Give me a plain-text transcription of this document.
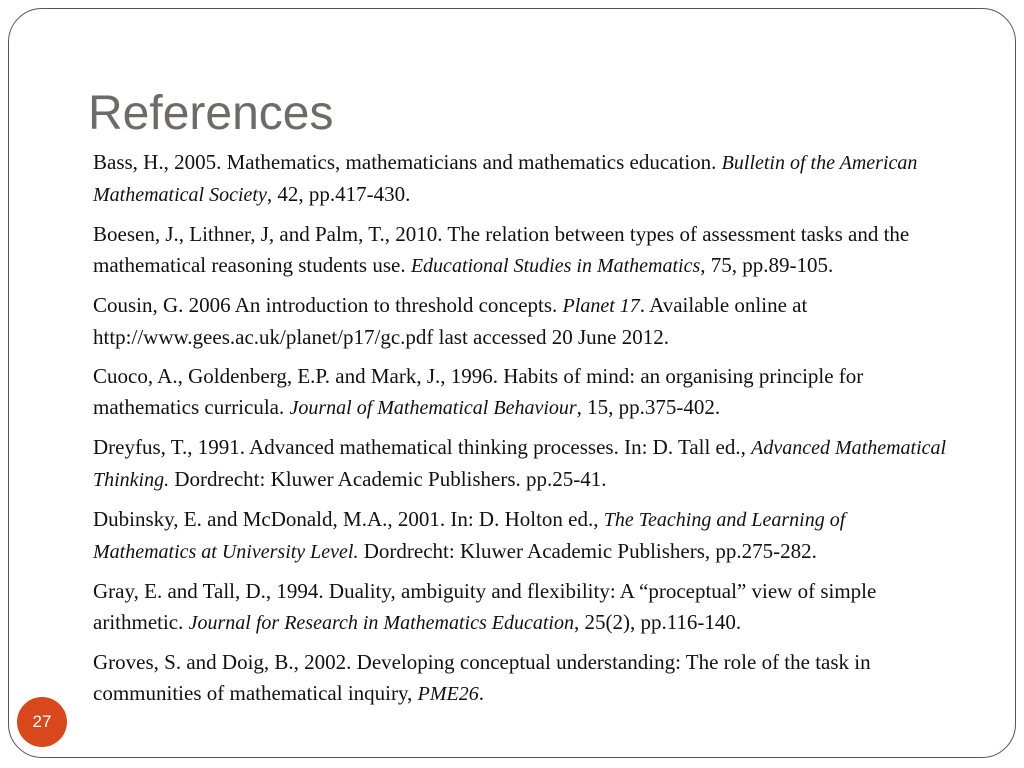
References

Bass, H., 2005. Mathematics, mathematicians and mathematics education. Bulletin of the American Mathematical Society, 42, pp.417-430.

Boesen, J., Lithner, J, and Palm, T., 2010. The relation between types of assessment tasks and the mathematical reasoning students use. Educational Studies in Mathematics, 75, pp.89-105.

Cousin, G. 2006 An introduction to threshold concepts. Planet 17. Available online at http://www.gees.ac.uk/planet/p17/gc.pdf last accessed 20 June 2012.

Cuoco, A., Goldenberg, E.P. and Mark, J., 1996. Habits of mind: an organising principle for mathematics curricula. Journal of Mathematical Behaviour, 15, pp.375-402.

Dreyfus, T., 1991. Advanced mathematical thinking processes. In: D. Tall ed., Advanced Mathematical Thinking. Dordrecht: Kluwer Academic Publishers. pp.25-41.

Dubinsky, E. and McDonald, M.A., 2001. In: D. Holton ed., The Teaching and Learning of Mathematics at University Level. Dordrecht: Kluwer Academic Publishers, pp.275-282.

Gray, E. and Tall, D., 1994. Duality, ambiguity and flexibility: A “proceptual” view of simple arithmetic. Journal for Research in Mathematics Education, 25(2), pp.116-140.

Groves, S. and Doig, B., 2002. Developing conceptual understanding: The role of the task in communities of mathematical inquiry, PME26.

27
